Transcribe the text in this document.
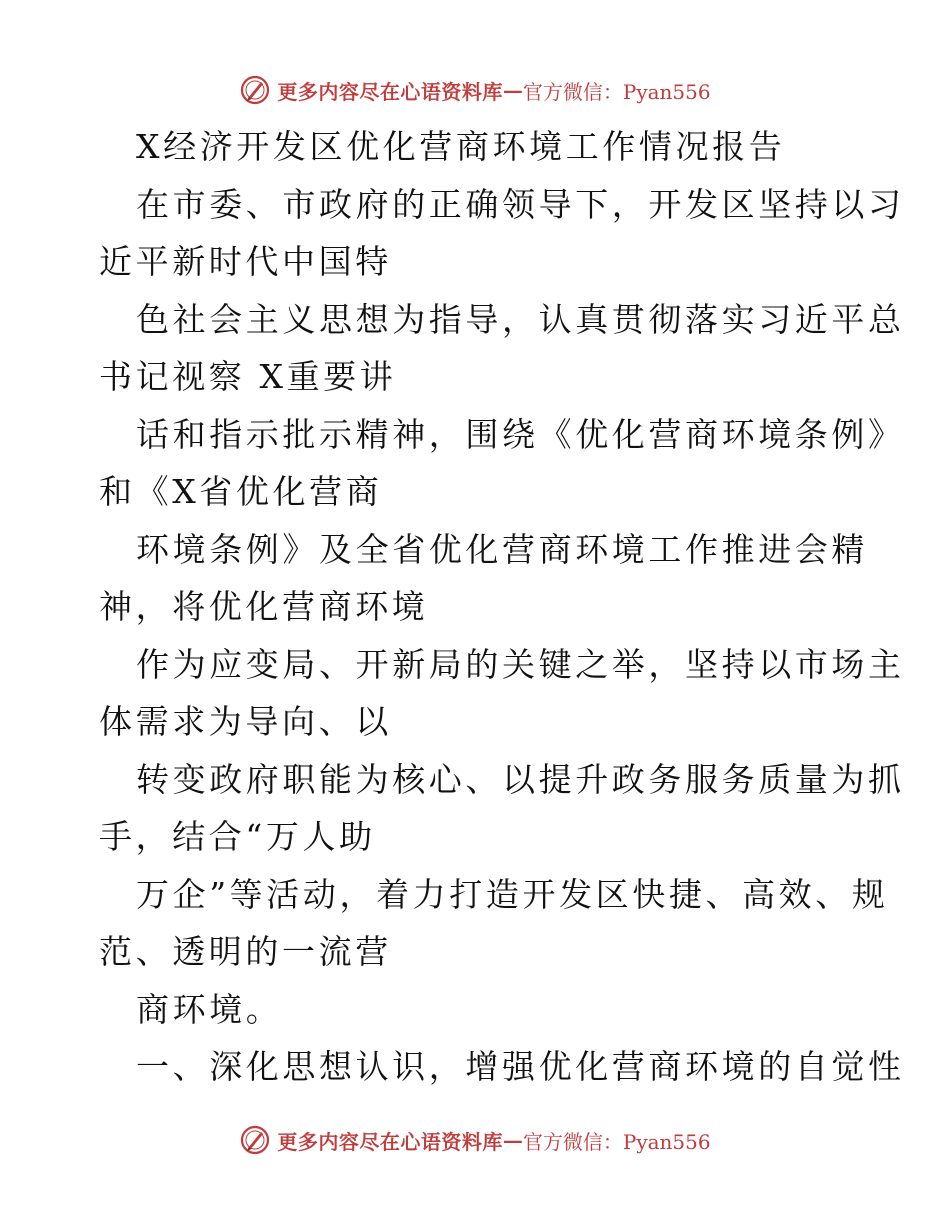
更多内容尽在心语资料库 — 官方微信：Pyan556
X经济开发区优化营商环境工作情况报告
在市委、市政府的正确领导下，开发区坚持以习
近平新时代中国特
色社会主义思想为指导，认真贯彻落实习近平总
书记视察 X重要讲
话和指示批示精神，围绕《优化营商环境条例》
和《X省优化营商
环境条例》及全省优化营商环境工作推进会精
神，将优化营商环境
作为应变局、开新局的关键之举，坚持以市场主
体需求为导向、以
转变政府职能为核心、以提升政务服务质量为抓
手，结合“万人助
万企”等活动，着力打造开发区快捷、高效、规
范、透明的一流营
商环境。
一、深化思想认识，增强优化营商环境的自觉性
更多内容尽在心语资料库 — 官方微信：Pyan556
